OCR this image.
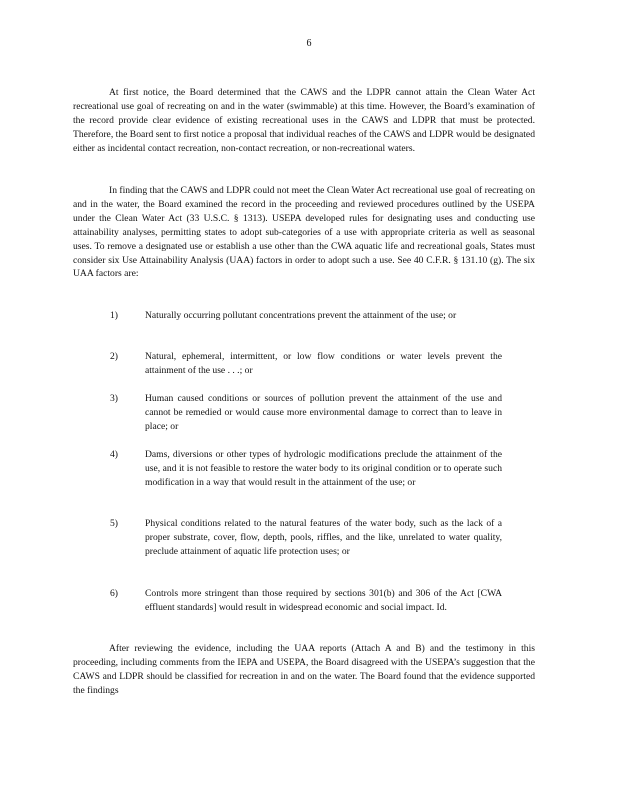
6

At first notice, the Board determined that the CAWS and the LDPR cannot attain the Clean Water Act recreational use goal of recreating on and in the water (swimmable) at this time. However, the Board’s examination of the record provide clear evidence of existing recreational uses in the CAWS and LDPR that must be protected. Therefore, the Board sent to first notice a proposal that individual reaches of the CAWS and LDPR would be designated either as incidental contact recreation, non-contact recreation, or non-recreational waters.

In finding that the CAWS and LDPR could not meet the Clean Water Act recreational use goal of recreating on and in the water, the Board examined the record in the proceeding and reviewed procedures outlined by the USEPA under the Clean Water Act (33 U.S.C. § 1313). USEPA developed rules for designating uses and conducting use attainability analyses, permitting states to adopt sub-categories of a use with appropriate criteria as well as seasonal uses. To remove a designated use or establish a use other than the CWA aquatic life and recreational goals, States must consider six Use Attainability Analysis (UAA) factors in order to adopt such a use. See 40 C.F.R. § 131.10 (g). The six UAA factors are:

1)	Naturally occurring pollutant concentrations prevent the attainment of the use; or

2)	Natural, ephemeral, intermittent, or low flow conditions or water levels prevent the attainment of the use . . .; or

3)	Human caused conditions or sources of pollution prevent the attainment of the use and cannot be remedied or would cause more environmental damage to correct than to leave in place; or

4)	Dams, diversions or other types of hydrologic modifications preclude the attainment of the use, and it is not feasible to restore the water body to its original condition or to operate such modification in a way that would result in the attainment of the use; or

5)	Physical conditions related to the natural features of the water body, such as the lack of a proper substrate, cover, flow, depth, pools, riffles, and the like, unrelated to water quality, preclude attainment of aquatic life protection uses; or

6)	Controls more stringent than those required by sections 301(b) and 306 of the Act [CWA effluent standards] would result in widespread economic and social impact. Id.

After reviewing the evidence, including the UAA reports (Attach A and B) and the testimony in this proceeding, including comments from the IEPA and USEPA, the Board disagreed with the USEPA’s suggestion that the CAWS and LDPR should be classified for recreation in and on the water. The Board found that the evidence supported the findings
